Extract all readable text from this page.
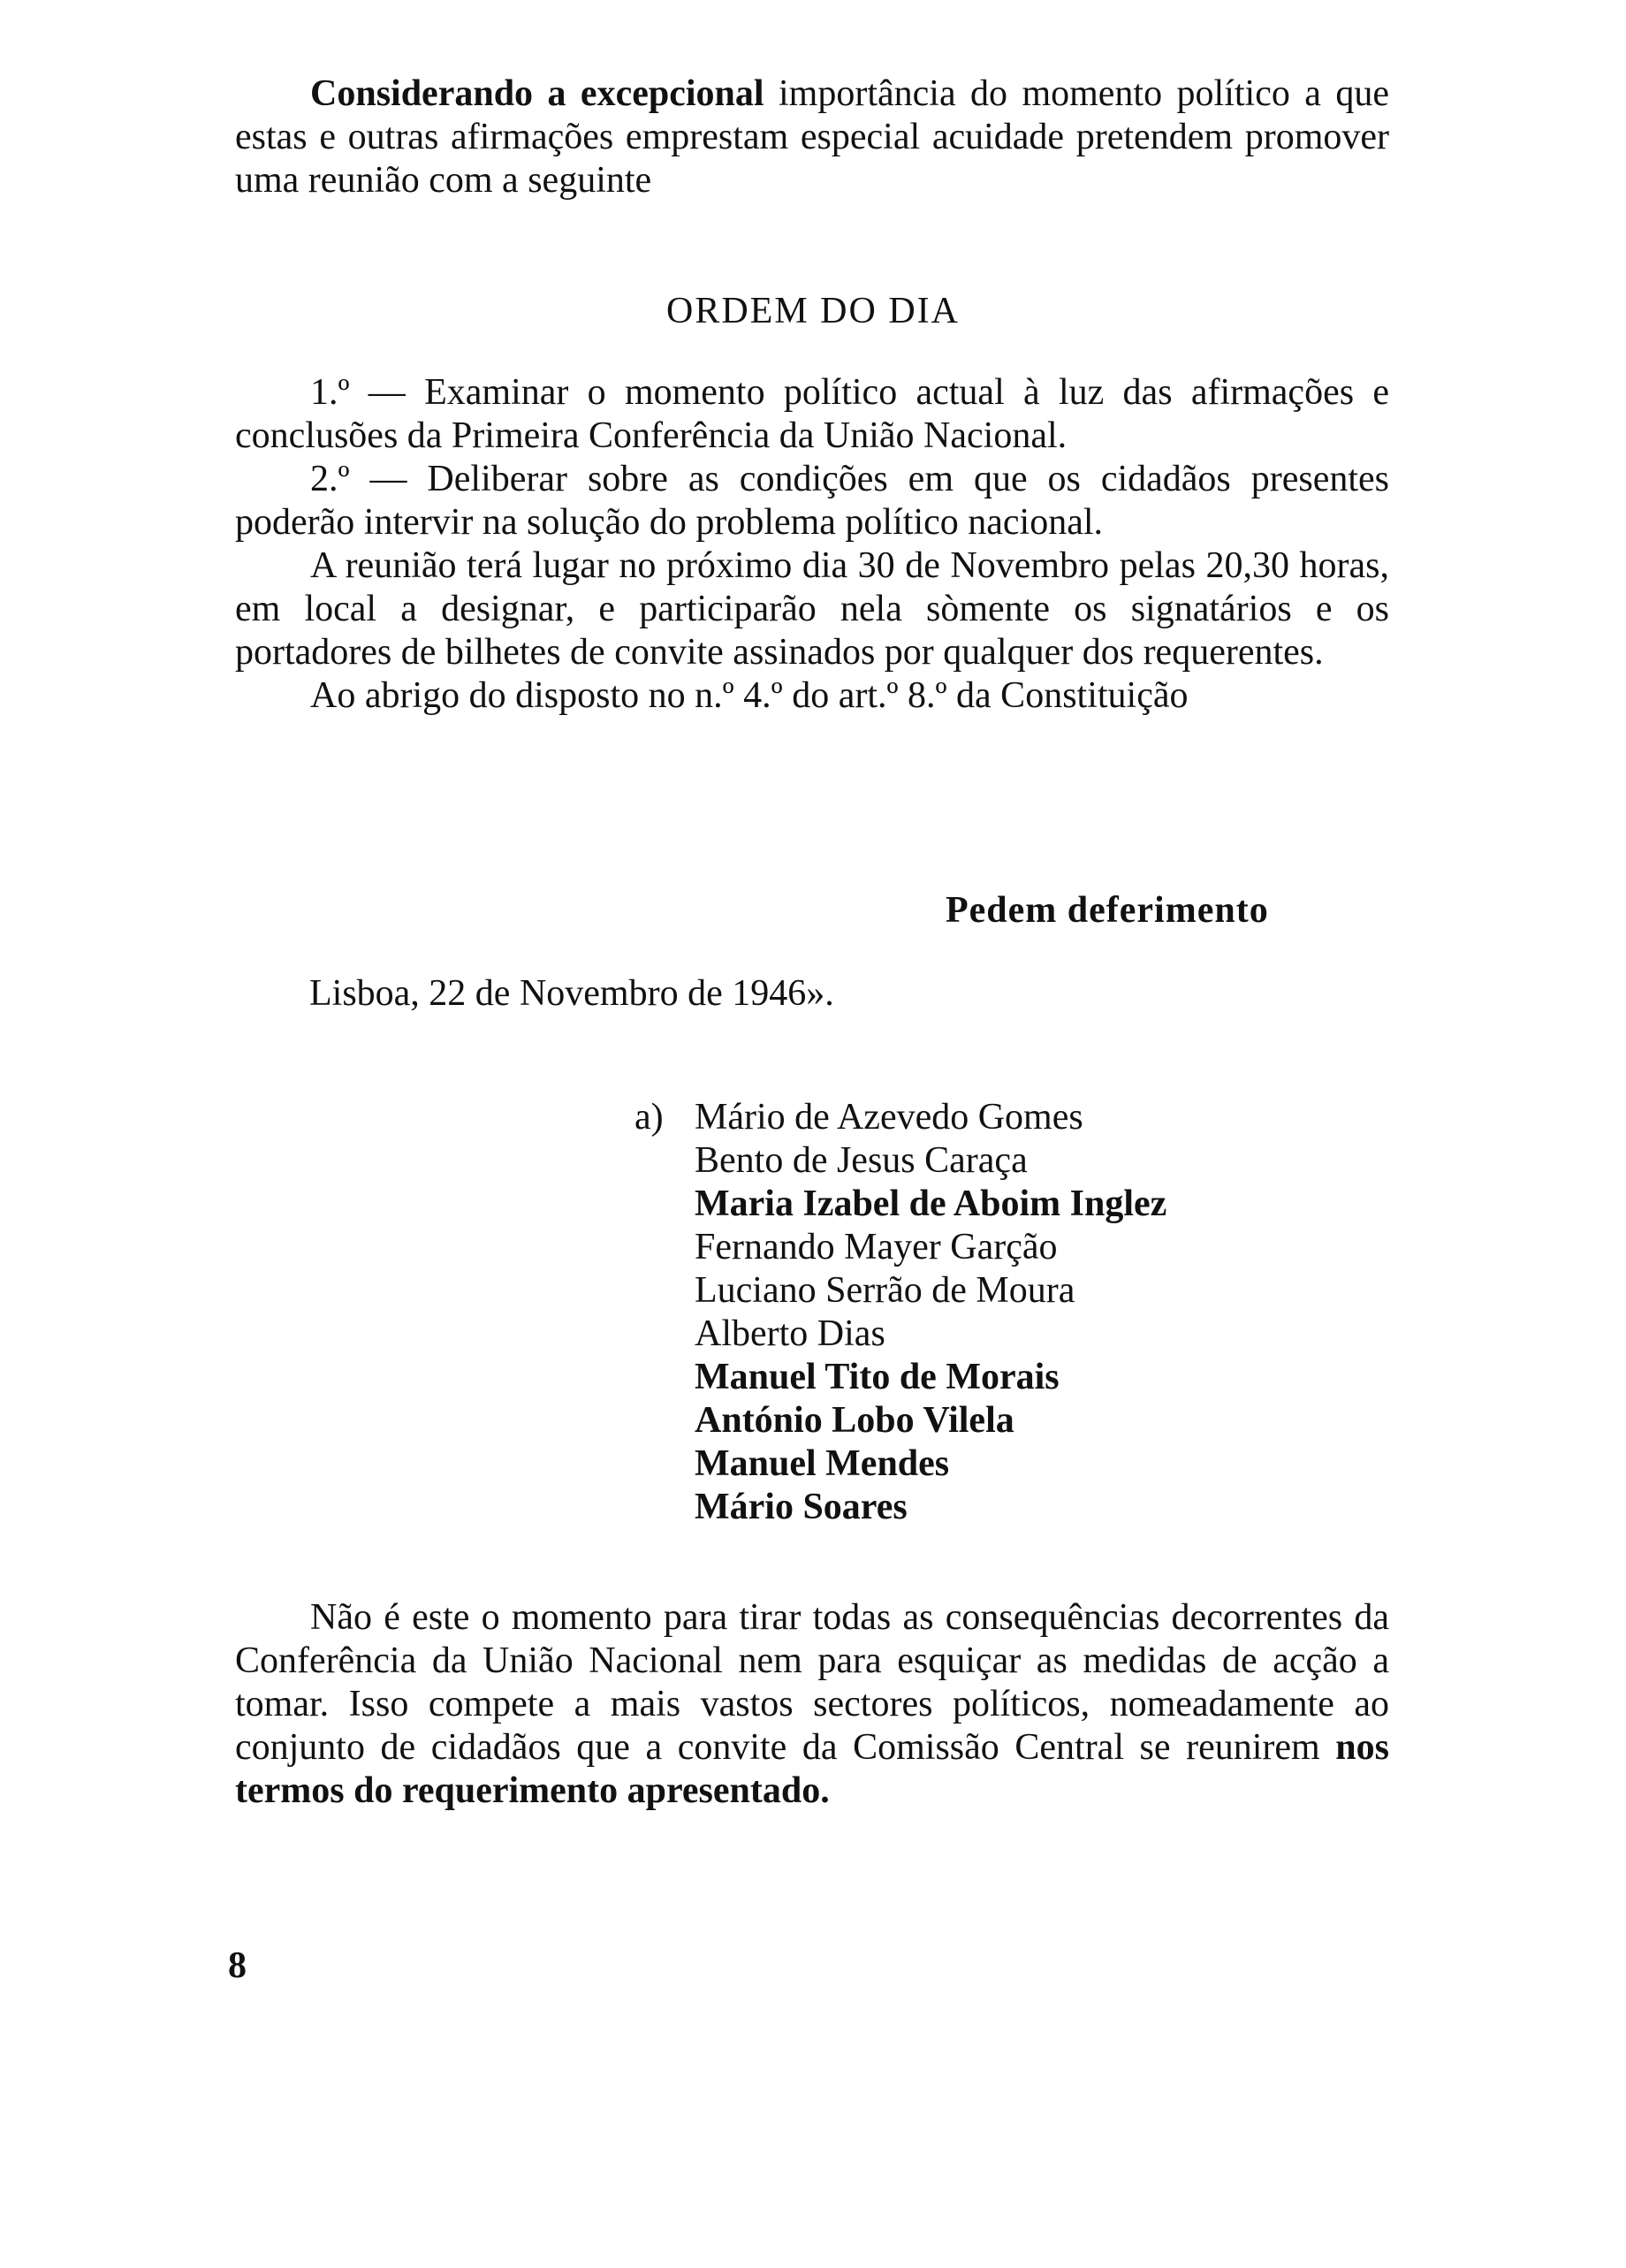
Considerando a excepcional importância do momento político a que estas e outras afirmações emprestam especial acuidade pretendem promover uma reunião com a seguinte

ORDEM DO DIA

1.º — Examinar o momento político actual à luz das afirmações e conclusões da Primeira Conferência da União Nacional.

2.º — Deliberar sobre as condições em que os cidadãos presentes poderão intervir na solução do problema político nacional.

A reunião terá lugar no próximo dia 30 de Novembro pelas 20,30 horas, em local a designar, e participarão nela sòmente os signatários e os portadores de bilhetes de convite assinados por qualquer dos requerentes.

Ao abrigo do disposto no n.º 4.º do art.º 8.º da Constituição

Pedem deferimento
Lisboa, 22 de Novembro de 1946».
a) Mário de Azevedo Gomes
Bento de Jesus Caraça
Maria Izabel de Aboim Inglez
Fernando Mayer Garção
Luciano Serrão de Moura
Alberto Dias
Manuel Tito de Morais
António Lobo Vilela
Manuel Mendes
Mário Soares

Não é este o momento para tirar todas as consequências decorrentes da Conferência da União Nacional nem para esquiçar as medidas de acção a tomar. Isso compete a mais vastos sectores políticos, nomeadamente ao conjunto de cidadãos que a convite da Comissão Central se reunirem nos termos do requerimento apresentado.

8
